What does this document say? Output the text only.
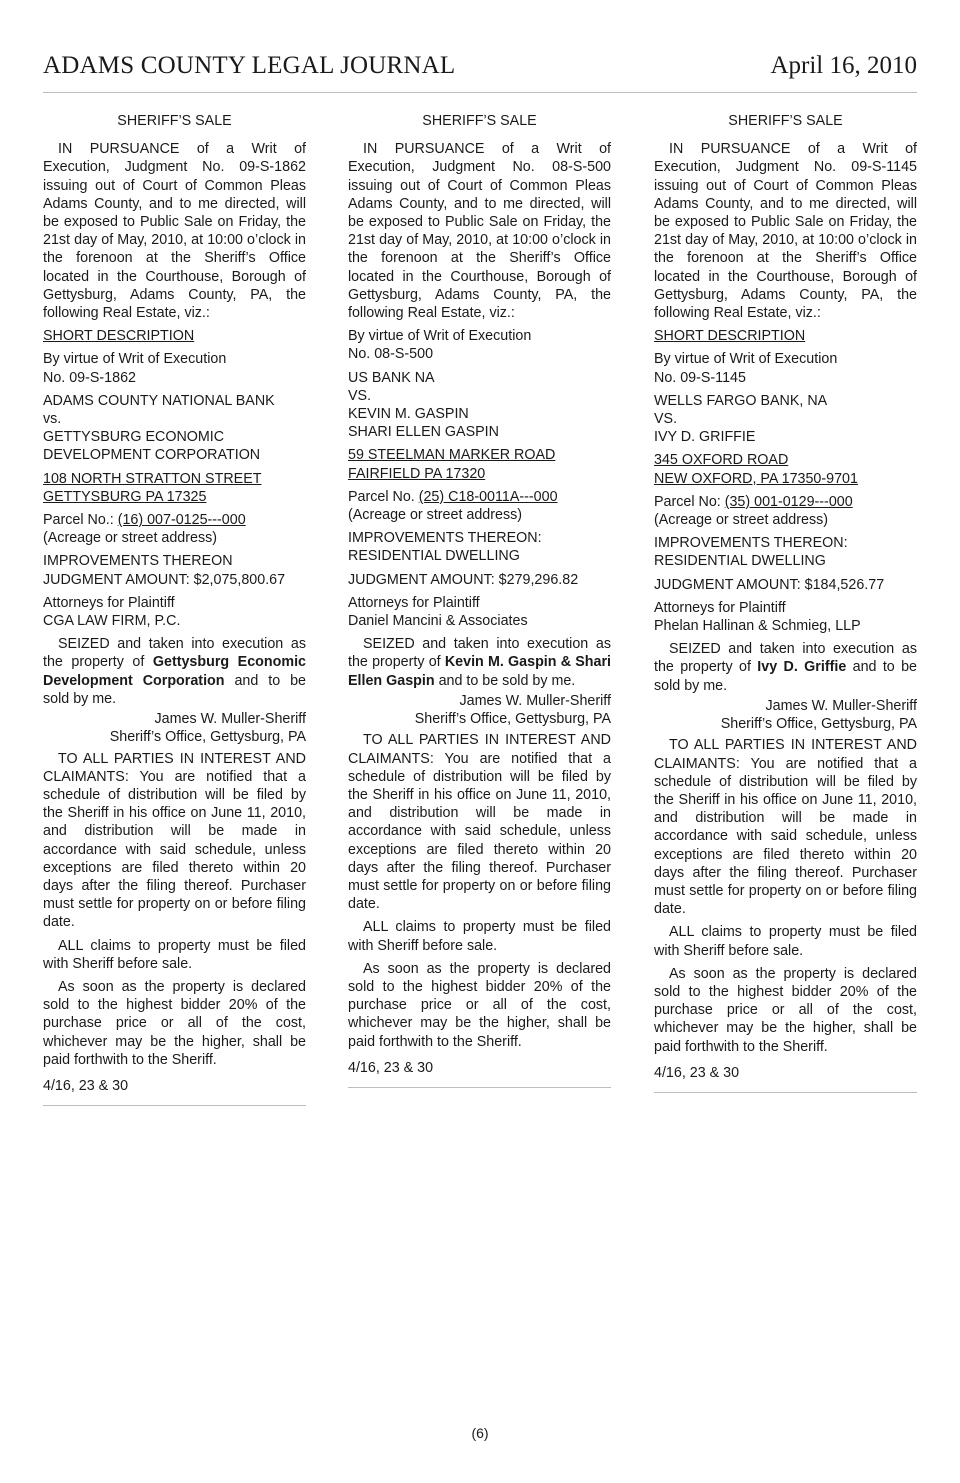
ADAMS COUNTY LEGAL JOURNAL	April 16, 2010
SHERIFF’S SALE

IN PURSUANCE of a Writ of Execution, Judgment No. 09-S-1862 issuing out of Court of Common Pleas Adams County, and to me directed, will be exposed to Public Sale on Friday, the 21st day of May, 2010, at 10:00 o’clock in the forenoon at the Sheriff’s Office located in the Courthouse, Borough of Gettysburg, Adams County, PA, the following Real Estate, viz.:

SHORT DESCRIPTION

By virtue of Writ of Execution
No. 09-S-1862

ADAMS COUNTY NATIONAL BANK
vs.
GETTYSBURG ECONOMIC
DEVELOPMENT CORPORATION

108 NORTH STRATTON STREET
GETTYSBURG PA 17325

Parcel No.: (16) 007-0125---000
(Acreage or street address)

IMPROVEMENTS THEREON
JUDGMENT AMOUNT: $2,075,800.67

Attorneys for Plaintiff
CGA LAW FIRM, P.C.

SEIZED and taken into execution as the property of Gettysburg Economic Development Corporation and to be sold by me.

James W. Muller-Sheriff

Sheriff’s Office, Gettysburg, PA

TO ALL PARTIES IN INTEREST AND CLAIMANTS: You are notified that a schedule of distribution will be filed by the Sheriff in his office on June 11, 2010, and distribution will be made in accordance with said schedule, unless exceptions are filed thereto within 20 days after the filing thereof. Purchaser must settle for property on or before filing date.

ALL claims to property must be filed with Sheriff before sale.

As soon as the property is declared sold to the highest bidder 20% of the purchase price or all of the cost, whichever may be the higher, shall be paid forthwith to the Sheriff.

4/16, 23 & 30

SHERIFF’S SALE

IN PURSUANCE of a Writ of Execution, Judgment No. 08-S-500 issuing out of Court of Common Pleas Adams County, and to me directed, will be exposed to Public Sale on Friday, the 21st day of May, 2010, at 10:00 o’clock in the forenoon at the Sheriff’s Office located in the Courthouse, Borough of Gettysburg, Adams County, PA, the following Real Estate, viz.:

By virtue of Writ of Execution
No. 08-S-500

US BANK NA
VS.
KEVIN M. GASPIN
SHARI ELLEN GASPIN

59 STEELMAN MARKER ROAD
FAIRFIELD PA 17320

Parcel No. (25) C18-0011A---000
(Acreage or street address)

IMPROVEMENTS THEREON:
RESIDENTIAL DWELLING

JUDGMENT AMOUNT: $279,296.82

Attorneys for Plaintiff
Daniel Mancini & Associates

SEIZED and taken into execution as the property of Kevin M. Gaspin & Shari Ellen Gaspin and to be sold by me.

James W. Muller-Sheriff

Sheriff’s Office, Gettysburg, PA

TO ALL PARTIES IN INTEREST AND CLAIMANTS: You are notified that a schedule of distribution will be filed by the Sheriff in his office on June 11, 2010, and distribution will be made in accordance with said schedule, unless exceptions are filed thereto within 20 days after the filing thereof. Purchaser must settle for property on or before filing date.

ALL claims to property must be filed with Sheriff before sale.

As soon as the property is declared sold to the highest bidder 20% of the purchase price or all of the cost, whichever may be the higher, shall be paid forthwith to the Sheriff.

4/16, 23 & 30

SHERIFF’S SALE

IN PURSUANCE of a Writ of Execution, Judgment No. 09-S-1145 issuing out of Court of Common Pleas Adams County, and to me directed, will be exposed to Public Sale on Friday, the 21st day of May, 2010, at 10:00 o’clock in the forenoon at the Sheriff’s Office located in the Courthouse, Borough of Gettysburg, Adams County, PA, the following Real Estate, viz.:

SHORT DESCRIPTION

By virtue of Writ of Execution
No. 09-S-1145

WELLS FARGO BANK, NA
VS.
IVY D. GRIFFIE

345 OXFORD ROAD
NEW OXFORD, PA 17350-9701

Parcel No: (35) 001-0129---000
(Acreage or street address)

IMPROVEMENTS THEREON:
RESIDENTIAL DWELLING

JUDGMENT AMOUNT: $184,526.77

Attorneys for Plaintiff
Phelan Hallinan & Schmieg, LLP

SEIZED and taken into execution as the property of Ivy D. Griffie and to be sold by me.

James W. Muller-Sheriff

Sheriff’s Office, Gettysburg, PA

TO ALL PARTIES IN INTEREST AND CLAIMANTS: You are notified that a schedule of distribution will be filed by the Sheriff in his office on June 11, 2010, and distribution will be made in accordance with said schedule, unless exceptions are filed thereto within 20 days after the filing thereof. Purchaser must settle for property on or before filing date.

ALL claims to property must be filed with Sheriff before sale.

As soon as the property is declared sold to the highest bidder 20% of the purchase price or all of the cost, whichever may be the higher, shall be paid forthwith to the Sheriff.

4/16, 23 & 30

(6)
